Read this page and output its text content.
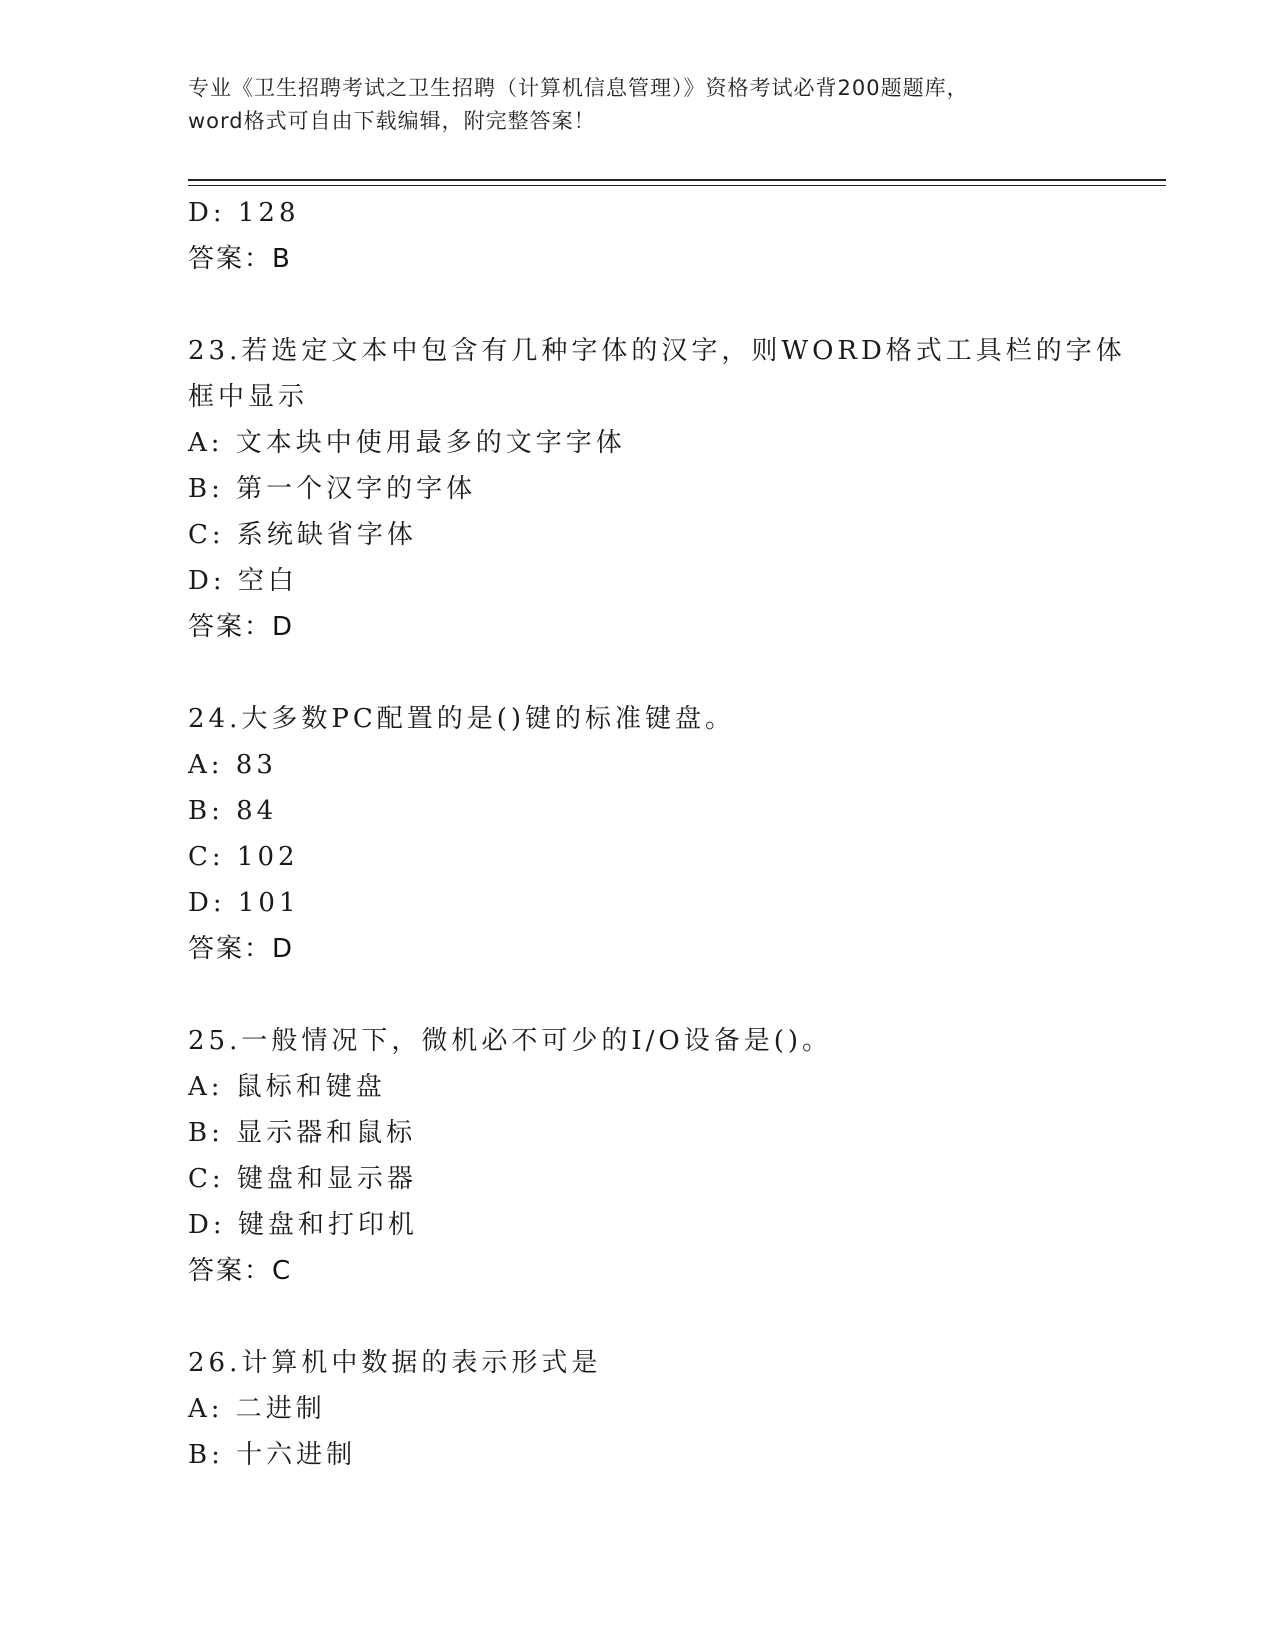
专业《卫生招聘考试之卫生招聘（计算机信息管理）》资格考试必背200题题库，
word格式可自由下载编辑，附完整答案！
D: 128
答案：B
23.若选定文本中包含有几种字体的汉字，则WORD格式工具栏的字体
框中显示
A: 文本块中使用最多的文字字体
B: 第一个汉字的字体
C: 系统缺省字体
D: 空白
答案：D
24.大多数PC配置的是()键的标准键盘。
A: 83
B: 84
C: 102
D: 101
答案：D
25.一般情况下，微机必不可少的I/O设备是()。
A: 鼠标和键盘
B: 显示器和鼠标
C: 键盘和显示器
D: 键盘和打印机
答案：C
26.计算机中数据的表示形式是
A: 二进制
B: 十六进制
